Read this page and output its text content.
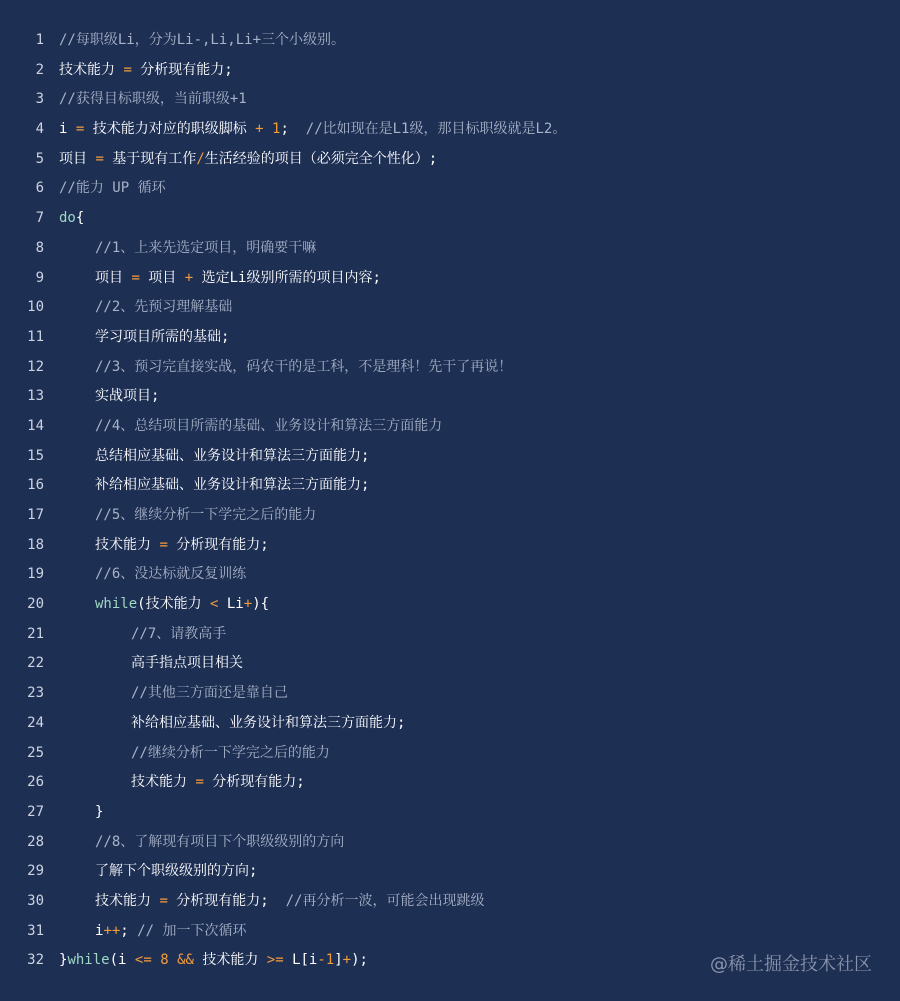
1 //每职级Li，分为Li-,Li,Li+三个小级别。
2 技术能力 = 分析现有能力;
3 //获得目标职级，当前职级+1
4 i = 技术能力对应的职级脚标 + 1;  //比如现在是L1级，那目标职级就是L2。
5 项目 = 基于现有工作/生活经验的项目（必须完全个性化）;
6 //能力 UP 循环
7 do{
8	//1、上来先选定项目，明确要干嘛
9	项目 = 项目 + 选定Li级别所需的项目内容;
10	//2、先预习理解基础
11	学习项目所需的基础;
12	//3、预习完直接实战，码农干的是工科，不是理科！先干了再说！
13	实战项目;
14	//4、总结项目所需的基础、业务设计和算法三方面能力
15	总结相应基础、业务设计和算法三方面能力;
16	补给相应基础、业务设计和算法三方面能力;
17	//5、继续分析一下学完之后的能力
18	技术能力 = 分析现有能力;
19	//6、没达标就反复训练
20	while(技术能力 < Li+){
21	//7、请教高手
22	高手指点项目相关
23	//其他三方面还是靠自己
24	补给相应基础、业务设计和算法三方面能力;
25	//继续分析一下学完之后的能力
26	技术能力 = 分析现有能力;
27	}
28	//8、了解现有项目下个职级级别的方向
29	了解下个职级级别的方向;
30	技术能力 = 分析现有能力;  //再分析一波，可能会出现跳级
31	i++; // 加一下次循环
32 }while(i <= 8 && 技术能力 >= L[i-1]+);	@稀土掘金技术社区
